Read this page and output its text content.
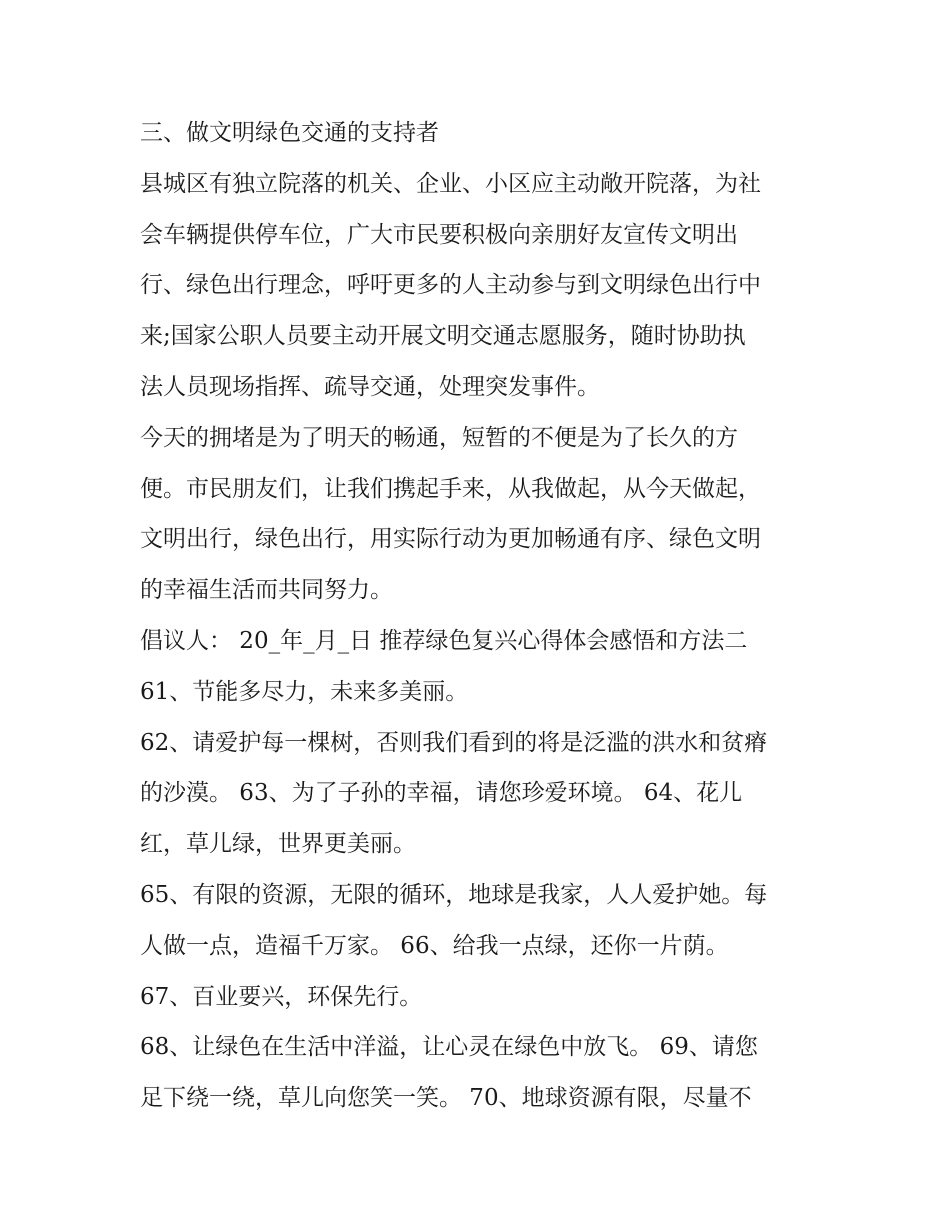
三、做文明绿色交通的支持者
县城区有独立院落的机关、企业、小区应主动敞开院落，为社
会车辆提供停车位，广大市民要积极向亲朋好友宣传文明出
行、绿色出行理念，呼吁更多的人主动参与到文明绿色出行中
来;国家公职人员要主动开展文明交通志愿服务，随时协助执
法人员现场指挥、疏导交通，处理突发事件。
今天的拥堵是为了明天的畅通，短暂的不便是为了长久的方
便。市民朋友们，让我们携起手来，从我做起，从今天做起，
文明出行，绿色出行，用实际行动为更加畅通有序、绿色文明
的幸福生活而共同努力。
倡议人： 20_年_月_日 推荐绿色复兴心得体会感悟和方法二
61、节能多尽力，未来多美丽。
62、请爱护每一棵树，否则我们看到的将是泛滥的洪水和贫瘠
的沙漠。 63、为了子孙的幸福，请您珍爱环境。 64、花儿
红，草儿绿，世界更美丽。
65、有限的资源，无限的循环，地球是我家，人人爱护她。每
人做一点，造福千万家。 66、给我一点绿，还你一片荫。
67、百业要兴，环保先行。
68、让绿色在生活中洋溢，让心灵在绿色中放飞。 69、请您
足下绕一绕，草儿向您笑一笑。 70、地球资源有限，尽量不
